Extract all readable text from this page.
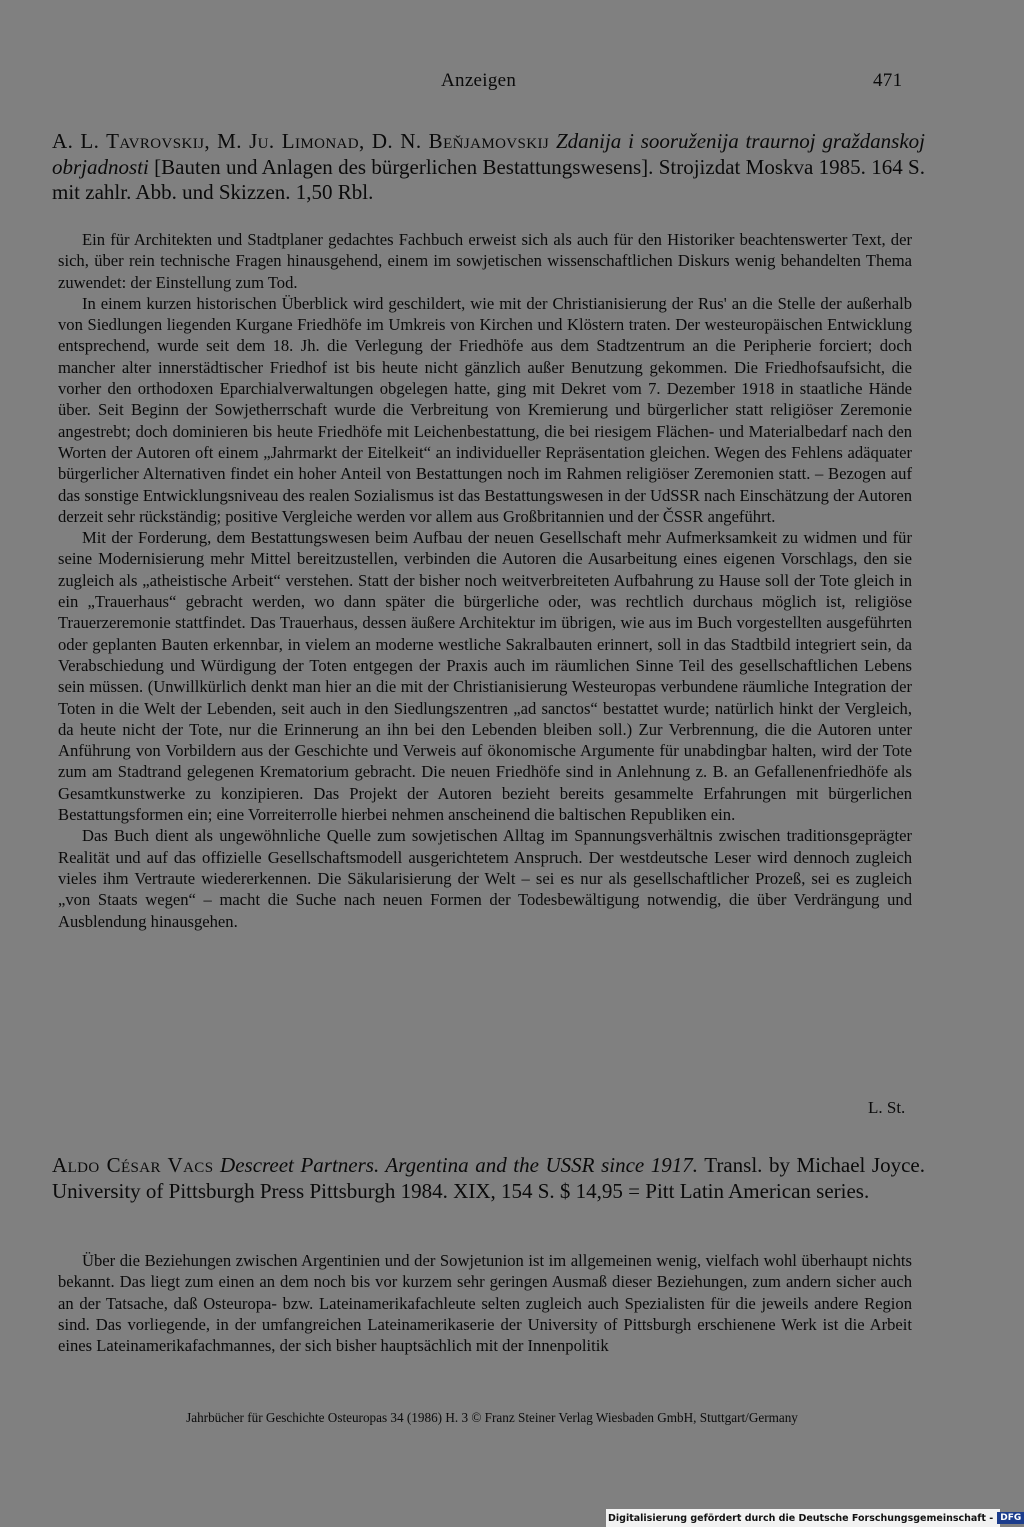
Anzeigen	471
A. L. Tavrovskij, M. Ju. Limonad, D. N. Beňjamovskij Zdanija i sooruženija traurnoj graždanskoj obrjadnosti [Bauten und Anlagen des bürgerlichen Bestattungswesens]. Strojizdat Moskva 1985. 164 S. mit zahlr. Abb. und Skizzen. 1,50 Rbl.

Ein für Architekten und Stadtplaner gedachtes Fachbuch erweist sich als auch für den Historiker beachtenswerter Text, der sich, über rein technische Fragen hinausgehend, einem im sowjetischen wissenschaftlichen Diskurs wenig behandelten Thema zuwendet: der Einstellung zum Tod.

In einem kurzen historischen Überblick wird geschildert, wie mit der Christianisierung der Rus' an die Stelle der außerhalb von Siedlungen liegenden Kurgane Friedhöfe im Umkreis von Kirchen und Klöstern traten. Der westeuropäischen Entwicklung entsprechend, wurde seit dem 18. Jh. die Verlegung der Friedhöfe aus dem Stadtzentrum an die Peripherie forciert; doch mancher alter innerstädtischer Friedhof ist bis heute nicht gänzlich außer Benutzung gekommen. Die Friedhofsaufsicht, die vorher den orthodoxen Eparchialverwaltungen obgelegen hatte, ging mit Dekret vom 7. Dezember 1918 in staatliche Hände über. Seit Beginn der Sowjetherrschaft wurde die Verbreitung von Kremierung und bürgerlicher statt religiöser Zeremonie angestrebt; doch dominieren bis heute Friedhöfe mit Leichenbestattung, die bei riesigem Flächen- und Materialbedarf nach den Worten der Autoren oft einem „Jahrmarkt der Eitelkeit“ an individueller Repräsentation gleichen. Wegen des Fehlens adäquater bürgerlicher Alternativen findet ein hoher Anteil von Bestattungen noch im Rahmen religiöser Zeremonien statt. – Bezogen auf das sonstige Entwicklungsniveau des realen Sozialismus ist das Bestattungswesen in der UdSSR nach Einschätzung der Autoren derzeit sehr rückständig; positive Vergleiche werden vor allem aus Großbritannien und der ČSSR angeführt.

Mit der Forderung, dem Bestattungswesen beim Aufbau der neuen Gesellschaft mehr Aufmerksamkeit zu widmen und für seine Modernisierung mehr Mittel bereitzustellen, verbinden die Autoren die Ausarbeitung eines eigenen Vorschlags, den sie zugleich als „atheistische Arbeit“ verstehen. Statt der bisher noch weitverbreiteten Aufbahrung zu Hause soll der Tote gleich in ein „Trauerhaus“ gebracht werden, wo dann später die bürgerliche oder, was rechtlich durchaus möglich ist, religiöse Trauerzeremonie stattfindet. Das Trauerhaus, dessen äußere Architektur im übrigen, wie aus im Buch vorgestellten ausgeführten oder geplanten Bauten erkennbar, in vielem an moderne westliche Sakralbauten erinnert, soll in das Stadtbild integriert sein, da Verabschiedung und Würdigung der Toten entgegen der Praxis auch im räumlichen Sinne Teil des gesellschaftlichen Lebens sein müssen. (Unwillkürlich denkt man hier an die mit der Christianisierung Westeuropas verbundene räumliche Integration der Toten in die Welt der Lebenden, seit auch in den Siedlungszentren „ad sanctos“ bestattet wurde; natürlich hinkt der Vergleich, da heute nicht der Tote, nur die Erinnerung an ihn bei den Lebenden bleiben soll.) Zur Verbrennung, die die Autoren unter Anführung von Vorbildern aus der Geschichte und Verweis auf ökonomische Argumente für unabdingbar halten, wird der Tote zum am Stadtrand gelegenen Krematorium gebracht. Die neuen Friedhöfe sind in Anlehnung z. B. an Gefallenenfriedhöfe als Gesamtkunstwerke zu konzipieren. Das Projekt der Autoren bezieht bereits gesammelte Erfahrungen mit bürgerlichen Bestattungsformen ein; eine Vorreiterrolle hierbei nehmen anscheinend die baltischen Republiken ein.

Das Buch dient als ungewöhnliche Quelle zum sowjetischen Alltag im Spannungsverhältnis zwischen traditionsgeprägter Realität und auf das offizielle Gesellschaftsmodell ausgerichtetem Anspruch. Der westdeutsche Leser wird dennoch zugleich vieles ihm Vertraute wiedererkennen. Die Säkularisierung der Welt – sei es nur als gesellschaftlicher Prozeß, sei es zugleich „von Staats wegen“ – macht die Suche nach neuen Formen der Todesbewältigung notwendig, die über Verdrängung und Ausblendung hinausgehen.

L. St.
Aldo César Vacs Descreet Partners. Argentina and the USSR since 1917. Transl. by Michael Joyce. University of Pittsburgh Press Pittsburgh 1984. XIX, 154 S. $ 14,95 = Pitt Latin American series.

Über die Beziehungen zwischen Argentinien und der Sowjetunion ist im allgemeinen wenig, vielfach wohl überhaupt nichts bekannt. Das liegt zum einen an dem noch bis vor kurzem sehr geringen Ausmaß dieser Beziehungen, zum andern sicher auch an der Tatsache, daß Osteuropa- bzw. Lateinamerikafachleute selten zugleich auch Spezialisten für die jeweils andere Region sind. Das vorliegende, in der umfangreichen Lateinamerikaserie der University of Pittsburgh erschienene Werk ist die Arbeit eines Lateinamerikafachmannes, der sich bisher hauptsächlich mit der Innenpolitik

Jahrbücher für Geschichte Osteuropas 34 (1986) H. 3 © Franz Steiner Verlag Wiesbaden GmbH, Stuttgart/Germany
Digitalisierung gefördert durch die Deutsche Forschungsgemeinschaft - DFG
